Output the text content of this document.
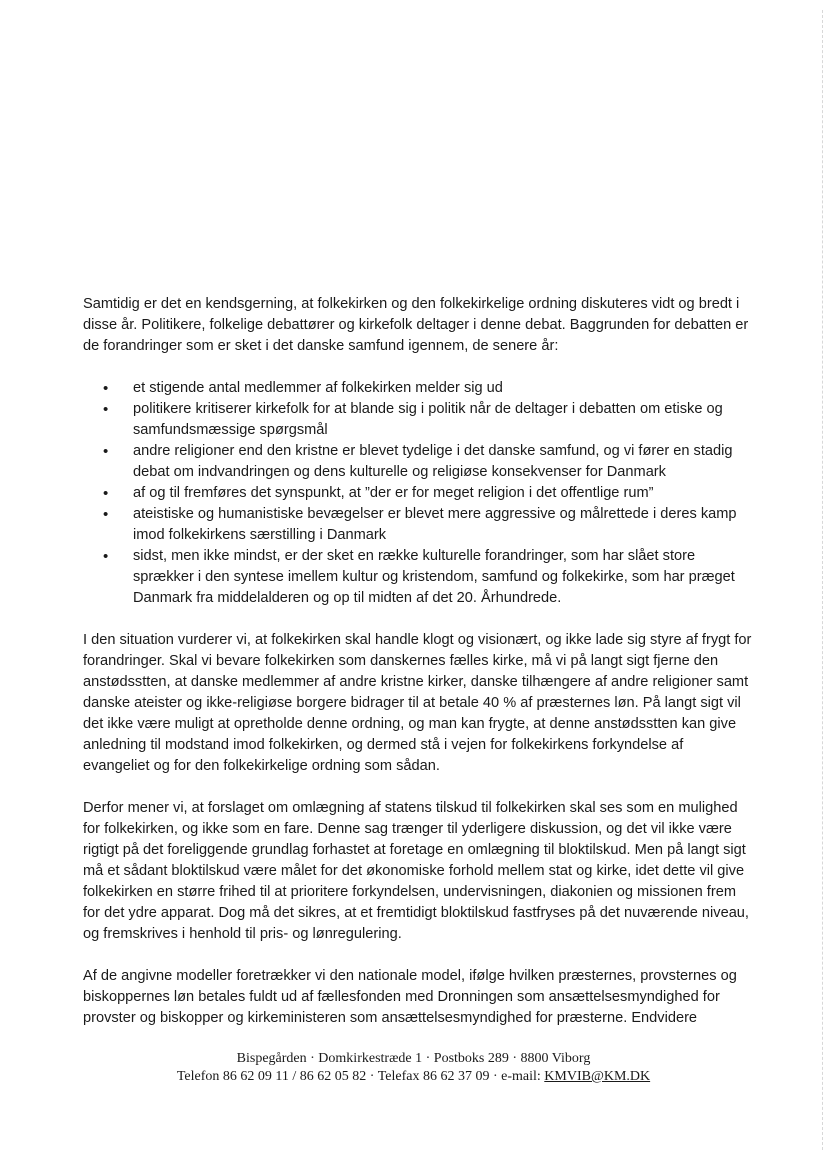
Samtidig er det en kendsgerning, at folkekirken og den folkekirkelige ordning diskuteres vidt og bredt i disse år. Politikere, folkelige debattører og kirkefolk deltager i denne debat. Baggrunden for debatten er de forandringer som er sket i det danske samfund igennem, de senere år:

• et stigende antal medlemmer af folkekirken melder sig ud
• politikere kritiserer kirkefolk for at blande sig i politik når de deltager i debatten om etiske og samfundsmæssige spørgsmål
• andre religioner end den kristne er blevet tydelige i det danske samfund, og vi fører en stadig debat om indvandringen og dens kulturelle og religiøse konsekvenser for Danmark
• af og til fremføres det synspunkt, at ”der er for meget religion i det offentlige rum”
• ateistiske og humanistiske bevægelser er blevet mere aggressive og målrettede i deres kamp imod folkekirkens særstilling i Danmark
• sidst, men ikke mindst, er der sket en række kulturelle forandringer, som har slået store sprækker i den syntese imellem kultur og kristendom, samfund og folkekirke, som har præget Danmark fra middelalderen og op til midten af det 20. Århundrede.

I den situation vurderer vi, at folkekirken skal handle klogt og visionært, og ikke lade sig styre af frygt for forandringer. Skal vi bevare folkekirken som danskernes fælles kirke, må vi på langt sigt fjerne den anstødsstten, at danske medlemmer af andre kristne kirker, danske tilhængere af andre religioner samt danske ateister og ikke-religiøse borgere bidrager til at betale 40 % af præsternes løn. På langt sigt vil det ikke være muligt at opretholde denne ordning, og man kan frygte, at denne anstødsstten kan give anledning til modstand imod folkekirken, og dermed stå i vejen for folkekirkens forkyndelse af evangeliet og for den folkekirkelige ordning som sådan.

Derfor mener vi, at forslaget om omlægning af statens tilskud til folkekirken skal ses som en mulighed for folkekirken, og ikke som en fare. Denne sag trænger til yderligere diskussion, og det vil ikke være rigtigt på det foreliggende grundlag forhastet at foretage en omlægning til bloktilskud. Men på langt sigt må et sådant bloktilskud være målet for det økonomiske forhold mellem stat og kirke, idet dette vil give folkekirken en større frihed til at prioritere forkyndelsen, undervisningen, diakonien og missionen frem for det ydre apparat. Dog må det sikres, at et fremtidigt bloktilskud fastfryses på det nuværende niveau, og fremskrives i henhold til pris- og lønregulering.

Af de angivne modeller foretrækker vi den nationale model, ifølge hvilken præsternes, provsternes og biskoppernes løn betales fuldt ud af fællesfonden med Dronningen som ansættelsesmyndighed for provster og biskopper og kirkeministeren som ansættelsesmyndighed for præsterne. Endvidere

Bispegården · Domkirkestræde 1 · Postboks 289 · 8800 Viborg
Telefon 86 62 09 11 / 86 62 05 82 · Telefax 86 62 37 09 · e-mail: KMVIB@KM.DK
